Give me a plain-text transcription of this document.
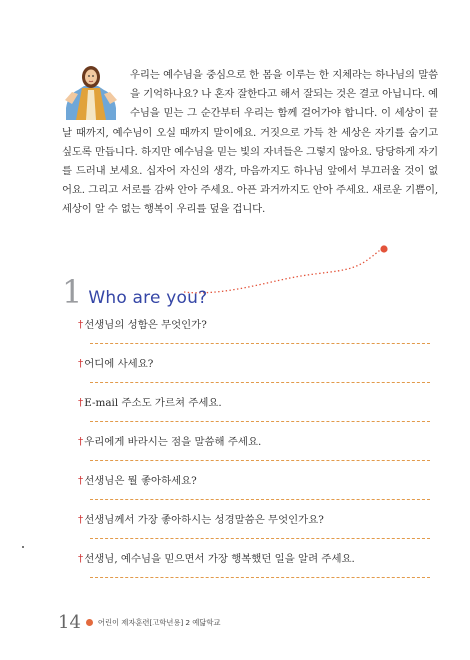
우리는 예수님을 중심으로 한 몸을 이루는 한 지체라는 하나님의 말씀을 기억하나요? 나 혼자 잘한다고 해서 잘되는 것은 결코 아닙니다. 예수님을 믿는 그 순간부터 우리는 함께 걸어가야 합니다. 이 세상이 끝날 때까지, 예수님이 오실 때까지 말이에요. 거짓으로 가득 찬 세상은 자기를 숨기고 싶도록 만듭니다. 하지만 예수님을 믿는 빛의 자녀들은 그렇지 않아요. 당당하게 자기를 드러내 보세요. 십자어 자신의 생각, 마음까지도 하나님 앞에서 부끄러울 것이 없어요. 그리고 서로를 감싸 안아 주세요. 아픈 과거까지도 안아 주세요. 새로운 기쁨이, 세상이 알 수 없는 행복이 우리를 덮을 겁니다.
1 Who are you?
†선생님의 성함은 무엇인가?
†어디에 사세요?
†E-mail 주소도 가르쳐 주세요.
†우리에게 바라시는 점을 말씀해 주세요.
†선생님은 뭘 좋아하세요?
†선생님께서 가장 좋아하시는 성경말씀은 무엇인가요?
†선생님, 예수님을 믿으면서 가장 행복했던 일을 알려 주세요.
14 어린이 제자훈련[고학년용] 2 예닮학교
